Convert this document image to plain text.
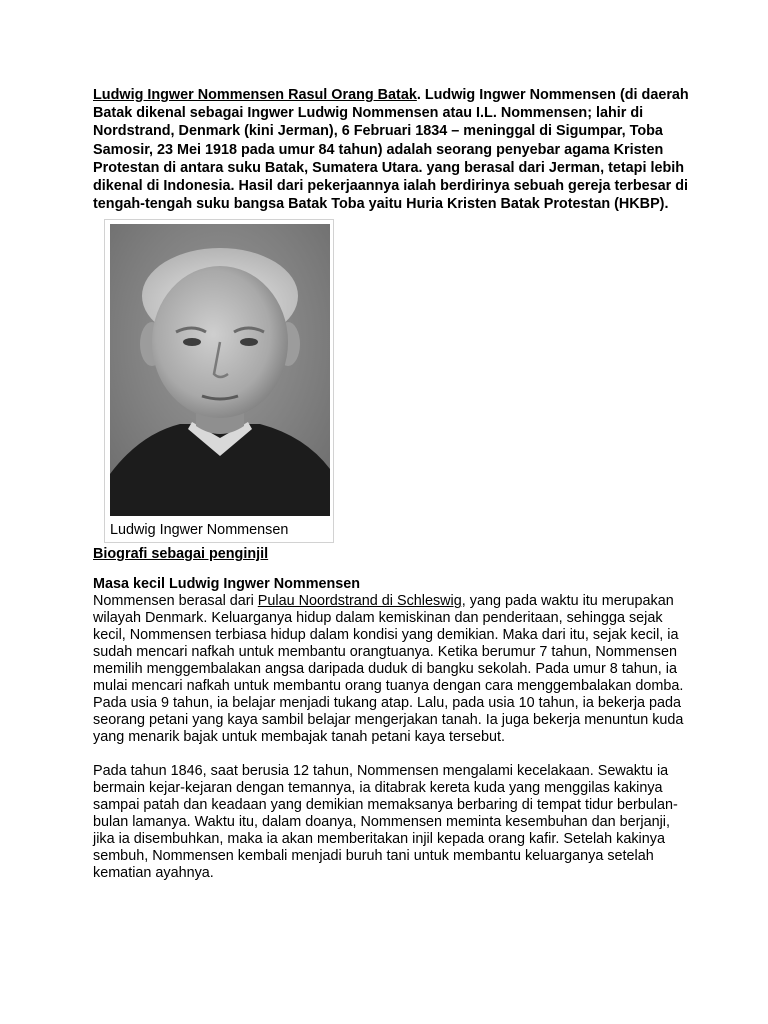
Ludwig Ingwer Nommensen Rasul Orang Batak. Ludwig Ingwer Nommensen (di daerah Batak dikenal sebagai Ingwer Ludwig Nommensen atau I.L. Nommensen; lahir di Nordstrand, Denmark (kini Jerman), 6 Februari 1834 – meninggal di Sigumpar, Toba Samosir, 23 Mei 1918 pada umur 84 tahun) adalah seorang penyebar agama Kristen Protestan di antara suku Batak, Sumatera Utara. yang berasal dari Jerman, tetapi lebih dikenal di Indonesia. Hasil dari pekerjaannya ialah berdirinya sebuah gereja terbesar di tengah-tengah suku bangsa Batak Toba yaitu Huria Kristen Batak Protestan (HKBP).

Ludwig Ingwer Nommensen

Biografi sebagai penginjil

Masa kecil Ludwig Ingwer Nommensen

Nommensen berasal dari Pulau Noordstrand di Schleswig, yang pada waktu itu merupakan wilayah Denmark. Keluarganya hidup dalam kemiskinan dan penderitaan, sehingga sejak kecil, Nommensen terbiasa hidup dalam kondisi yang demikian. Maka dari itu, sejak kecil, ia sudah mencari nafkah untuk membantu orangtuanya. Ketika berumur 7 tahun, Nommensen memilih menggembalakan angsa daripada duduk di bangku sekolah. Pada umur 8 tahun, ia mulai mencari nafkah untuk membantu orang tuanya dengan cara menggembalakan domba. Pada usia 9 tahun, ia belajar menjadi tukang atap. Lalu, pada usia 10 tahun, ia bekerja pada seorang petani yang kaya sambil belajar mengerjakan tanah. Ia juga bekerja menuntun kuda yang menarik bajak untuk membajak tanah petani kaya tersebut.

Pada tahun 1846, saat berusia 12 tahun, Nommensen mengalami kecelakaan. Sewaktu ia bermain kejar-kejaran dengan temannya, ia ditabrak kereta kuda yang menggilas kakinya sampai patah dan keadaan yang demikian memaksanya berbaring di tempat tidur berbulan-bulan lamanya. Waktu itu, dalam doanya, Nommensen meminta kesembuhan dan berjanji, jika ia disembuhkan, maka ia akan memberitakan injil kepada orang kafir. Setelah kakinya sembuh, Nommensen kembali menjadi buruh tani untuk membantu keluarganya setelah kematian ayahnya.
